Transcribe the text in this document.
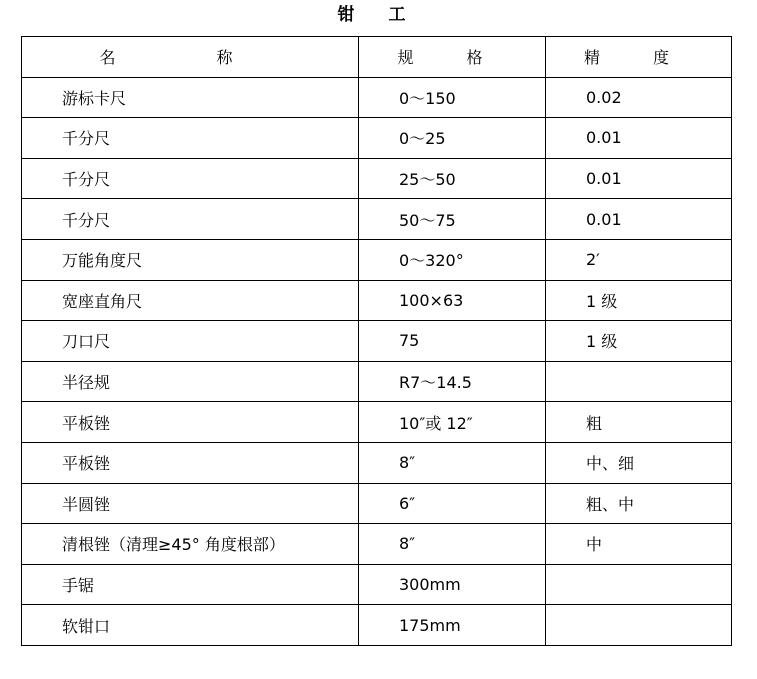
钳 工
名 称	规 格	精 度
游标卡尺	0～150	0.02
千分尺	0～25	0.01
千分尺	25～50	0.01
千分尺	50～75	0.01
万能角度尺	0～320°	2′
宽座直角尺	100×63	1 级
刀口尺	75	1 级
半径规	R7～14.5	
平板锉	10″或 12″	粗
平板锉	8″	中、细
半圆锉	6″	粗、中
清根锉（清理≥45° 角度根部）	8″	中
手锯	300mm	
软钳口	175mm	
